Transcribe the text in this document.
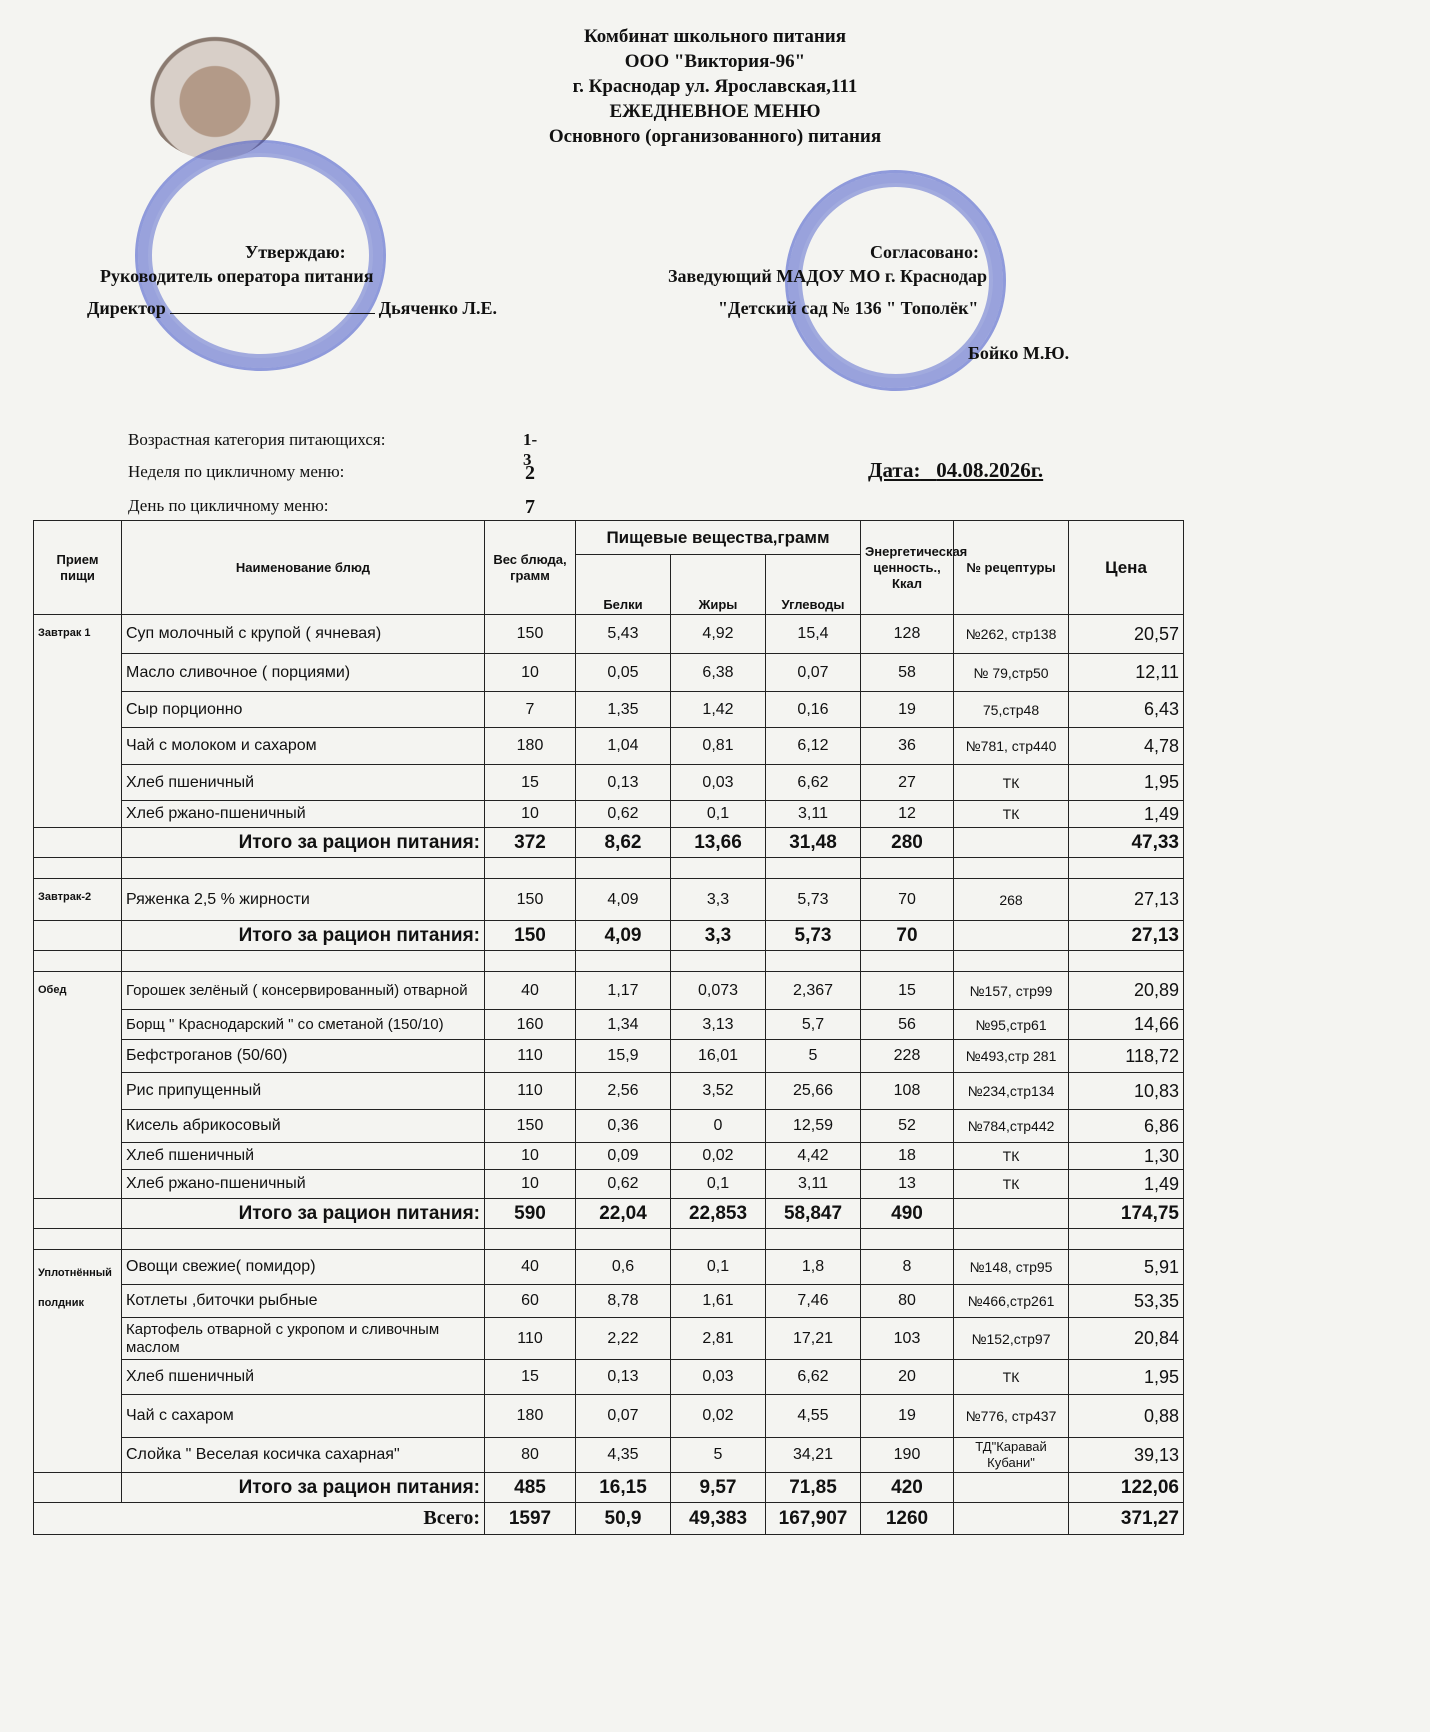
Комбинат школьного питания
ООО "Виктория-96"
г. Краснодар ул. Ярославская,111
ЕЖЕДНЕВНОЕ МЕНЮ
Основного (организованного) питания
Утверждаю:
Руководитель оператора питания
Директор	Дьяченко Л.Е.
Согласовано:
Заведующий МАДОУ МО г. Краснодар
"Детский сад № 136 " Тополёк"
Бойко М.Ю.
Возрастная категория питающихся:	1-3
Неделя по цикличному меню:	2
День по цикличному меню:	7
Дата: 04.08.2026г.
Прием пищи	Наименование блюд	Вес блюда, грамм	Пищевые вещества,грамм			Энергетическая ценность., Ккал	№ рецептуры	Цена
			Белки	Жиры	Углеводы			
Завтрак 1	Суп молочный с крупой ( ячневая)	150	5,43	4,92	15,4	128	№262, стр138	20,57
	Масло сливочное ( порциями)	10	0,05	6,38	0,07	58	№ 79,стр50	12,11
	Сыр порционно	7	1,35	1,42	0,16	19	75,стр48	6,43
	Чай с молоком и сахаром	180	1,04	0,81	6,12	36	№781, стр440	4,78
	Хлеб пшеничный	15	0,13	0,03	6,62	27	ТК	1,95
	Хлеб ржано-пшеничный	10	0,62	0,1	3,11	12	ТК	1,49
	Итого за рацион питания:	372	8,62	13,66	31,48	280		47,33

Завтрак-2	Ряженка 2,5 % жирности	150	4,09	3,3	5,73	70	268	27,13
	Итого за рацион питания:	150	4,09	3,3	5,73	70		27,13

Обед	Горошек зелёный ( консервированный) отварной	40	1,17	0,073	2,367	15	№157, стр99	20,89
	Борщ " Краснодарский " со сметаной (150/10)	160	1,34	3,13	5,7	56	№95,стр61	14,66
	Бефстроганов (50/60)	110	15,9	16,01	5	228	№493,стр 281	118,72
	Рис припущенный	110	2,56	3,52	25,66	108	№234,стр134	10,83
	Кисель абрикосовый	150	0,36	0	12,59	52	№784,стр442	6,86
	Хлеб пшеничный	10	0,09	0,02	4,42	18	ТК	1,30
	Хлеб ржано-пшеничный	10	0,62	0,1	3,11	13	ТК	1,49
	Итого за рацион питания:	590	22,04	22,853	58,847	490		174,75

Уплотнённый полдник	Овощи свежие( помидор)	40	0,6	0,1	1,8	8	№148, стр95	5,91
	Котлеты ,биточки рыбные	60	8,78	1,61	7,46	80	№466,стр261	53,35
	Картофель отварной с укропом и сливочным маслом	110	2,22	2,81	17,21	103	№152,стр97	20,84
	Хлеб пшеничный	15	0,13	0,03	6,62	20	ТК	1,95
	Чай с сахаром	180	0,07	0,02	4,55	19	№776, стр437	0,88
	Слойка " Веселая косичка сахарная"	80	4,35	5	34,21	190	ТД"Каравай Кубани"	39,13
	Итого за рацион питания:	485	16,15	9,57	71,85	420		122,06
Всего:		1597	50,9	49,383	167,907	1260		371,27
